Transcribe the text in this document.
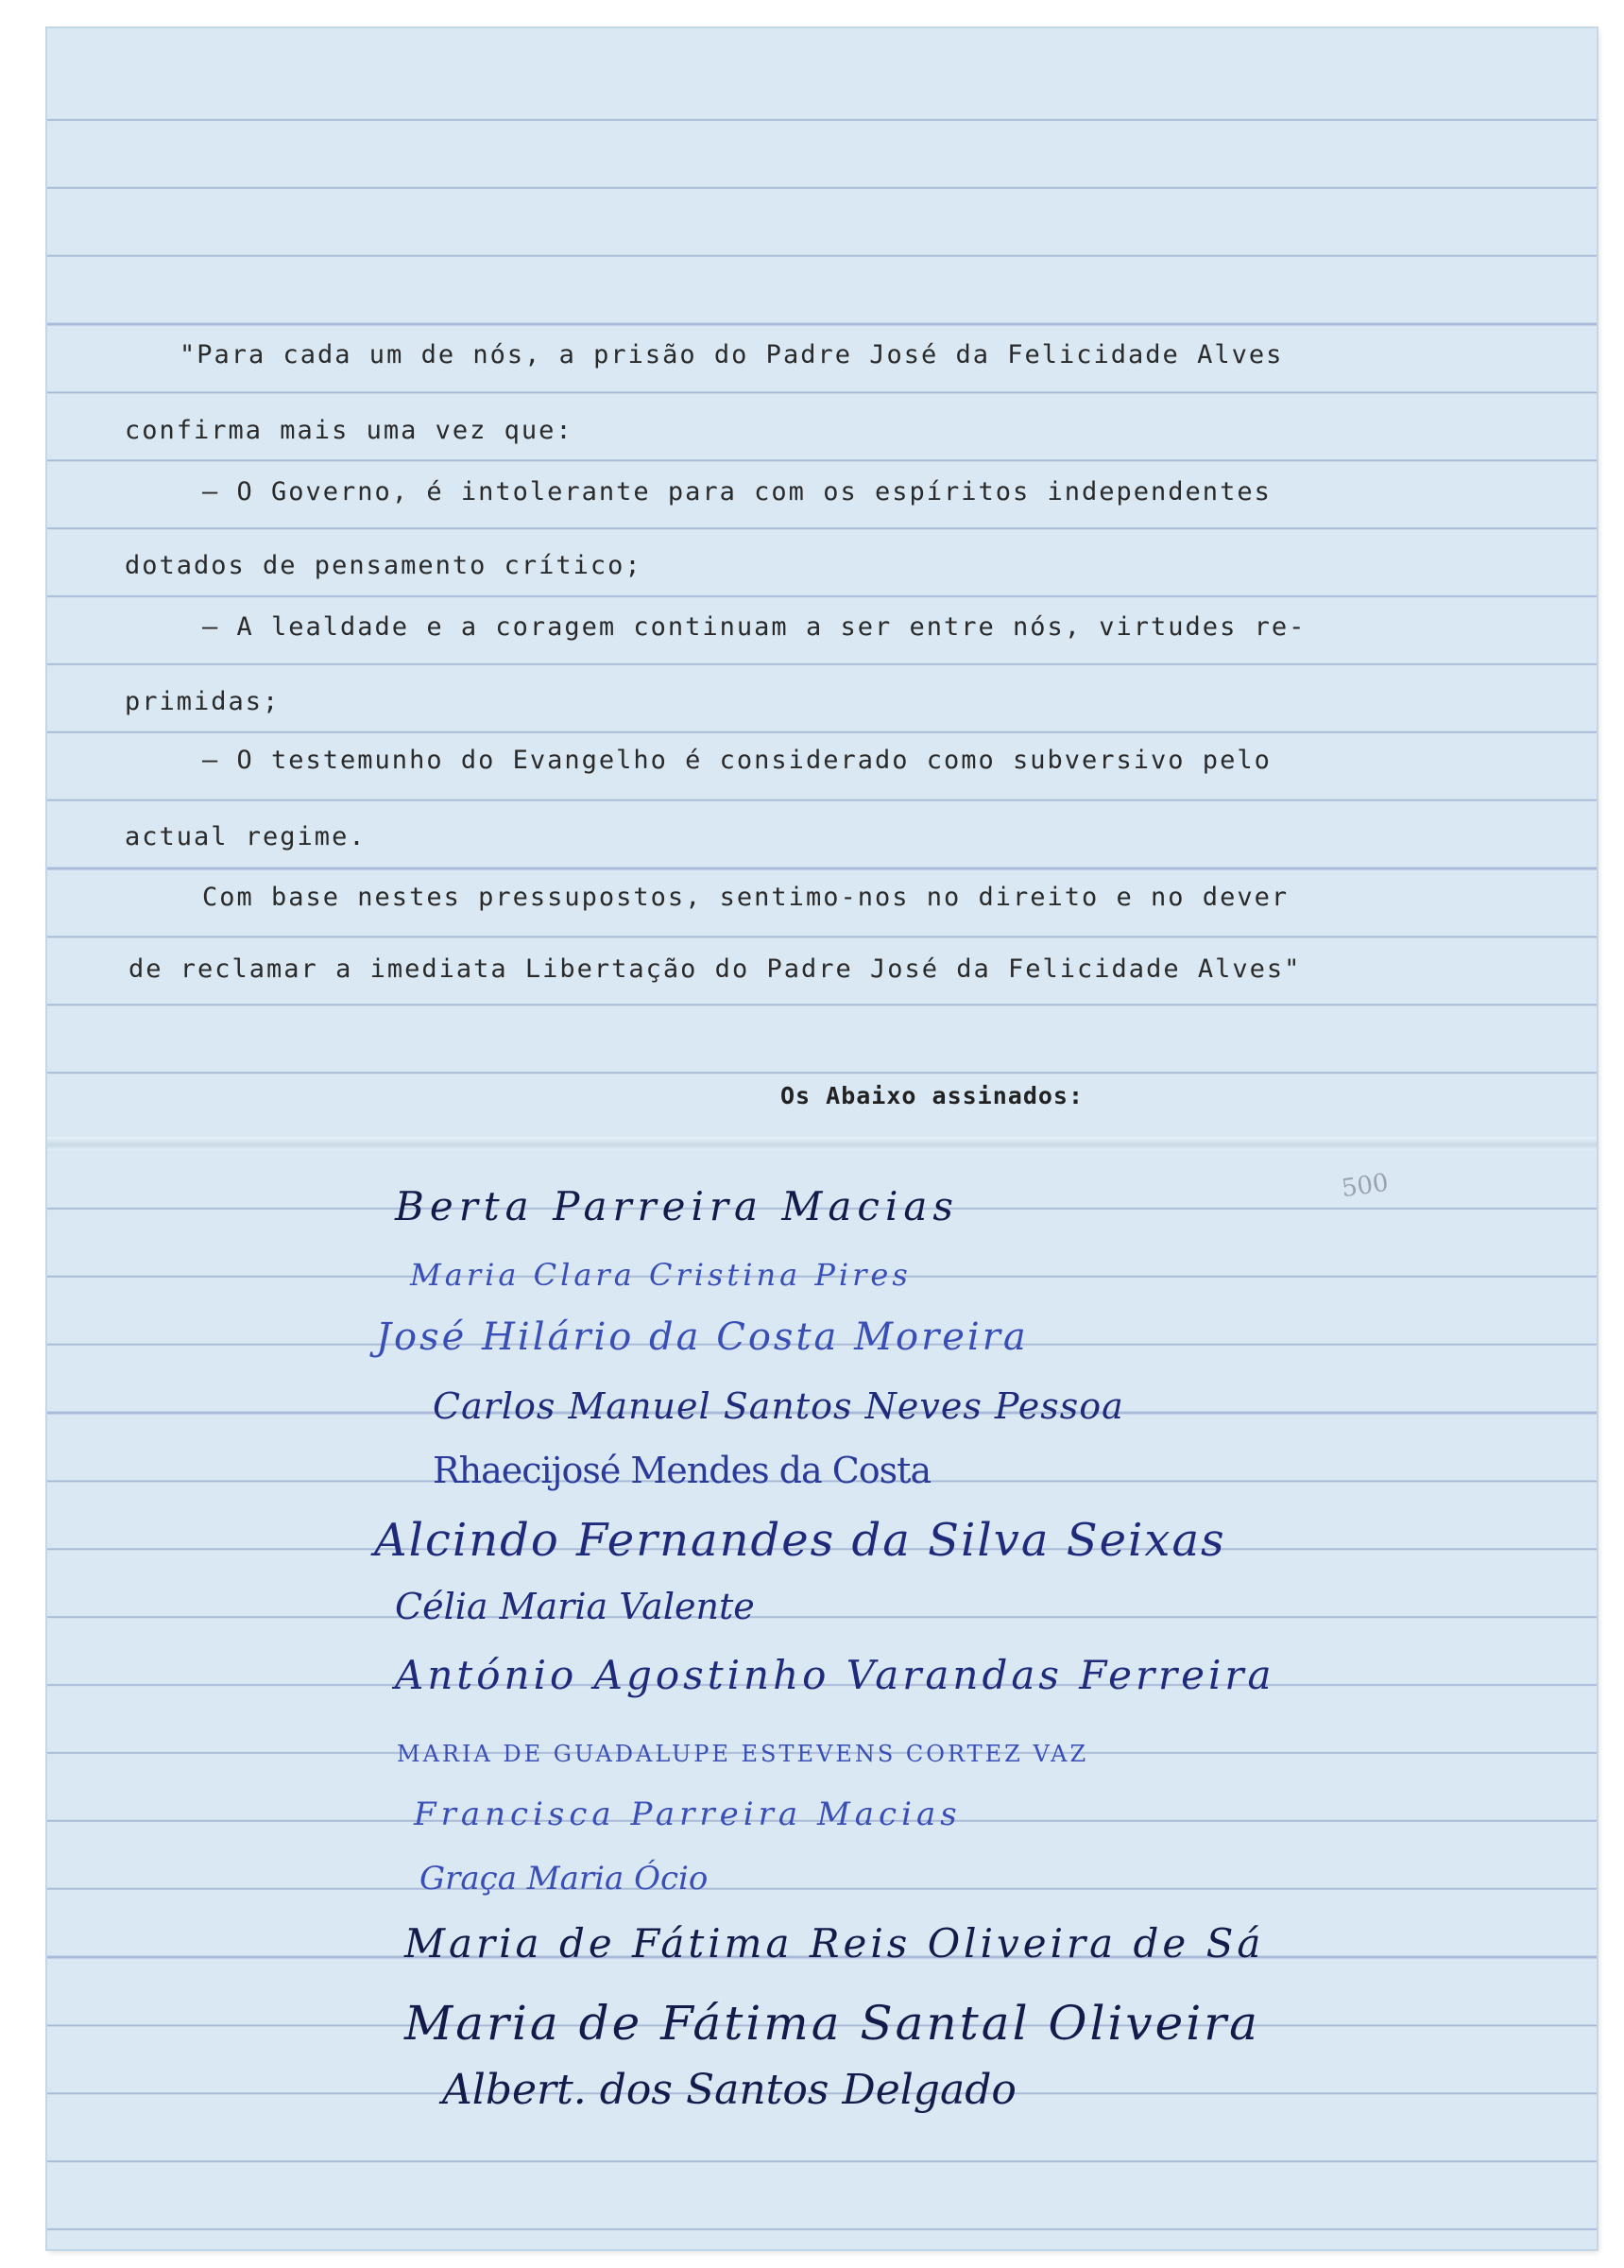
"Para cada um de nós, a prisão do Padre José da Felicidade Alves
confirma mais uma vez que:
— O Governo, é intolerante para com os espíritos independentes
dotados de pensamento crítico;
— A lealdade e a coragem continuam a ser entre nós, virtudes re-
primidas;
— O testemunho do Evangelho é considerado como subversivo pelo
actual regime.
Com base nestes pressupostos, sentimo-nos no direito e no dever
de reclamar a imediata Libertação do Padre José da Felicidade Alves"
Os Abaixo assinados:
500
Berta Parreira Macias
Maria Clara Cristina Pires
José Hilário da Costa Moreira
Carlos Manuel Santos Neves Pessoa
Rhaecijosé Mendes da Costa
Alcindo Fernandes da Silva Seixas
Célia Maria Valente
António Agostinho Varandas Ferreira
MARIA DE GUADALUPE ESTEVENS CORTEZ VAZ
Francisca Parreira Macias
Graça Maria Ócio
Maria de Fátima Reis Oliveira de Sá
Maria de Fátima Santal Oliveira
Albert. dos Santos Delgado
